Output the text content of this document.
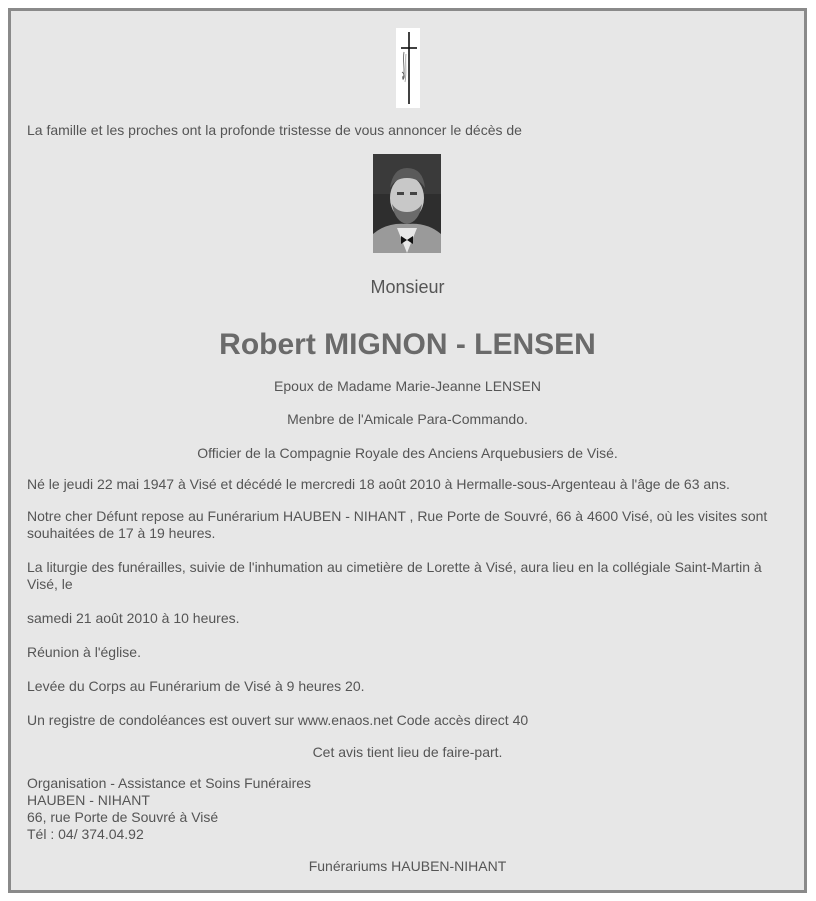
La famille et les proches ont la profonde tristesse de vous annoncer le décès de
Monsieur
Robert MIGNON - LENSEN
Epoux de Madame Marie-Jeanne LENSEN
Menbre de l'Amicale Para-Commando.
Officier de la Compagnie Royale des Anciens Arquebusiers de Visé.
Né le jeudi 22 mai 1947 à Visé et décédé le mercredi 18 août 2010 à Hermalle-sous-Argenteau à l'âge de 63 ans.
Notre cher Défunt repose au Funérarium HAUBEN - NIHANT , Rue Porte de Souvré, 66 à 4600 Visé, où les visites sont souhaitées de 17 à 19 heures.
La liturgie des funérailles, suivie de l'inhumation au cimetière de Lorette à Visé, aura lieu en la collégiale Saint-Martin à Visé, le
samedi 21 août 2010 à 10 heures.
Réunion à l'église.
Levée du Corps au Funérarium de Visé à 9 heures 20.
Un registre de condoléances est ouvert sur www.enaos.net Code accès direct 40
Cet avis tient lieu de faire-part.
Organisation - Assistance et Soins Funéraires
HAUBEN - NIHANT
66, rue Porte de Souvré à Visé
Tél : 04/ 374.04.92
Funérariums HAUBEN-NIHANT
